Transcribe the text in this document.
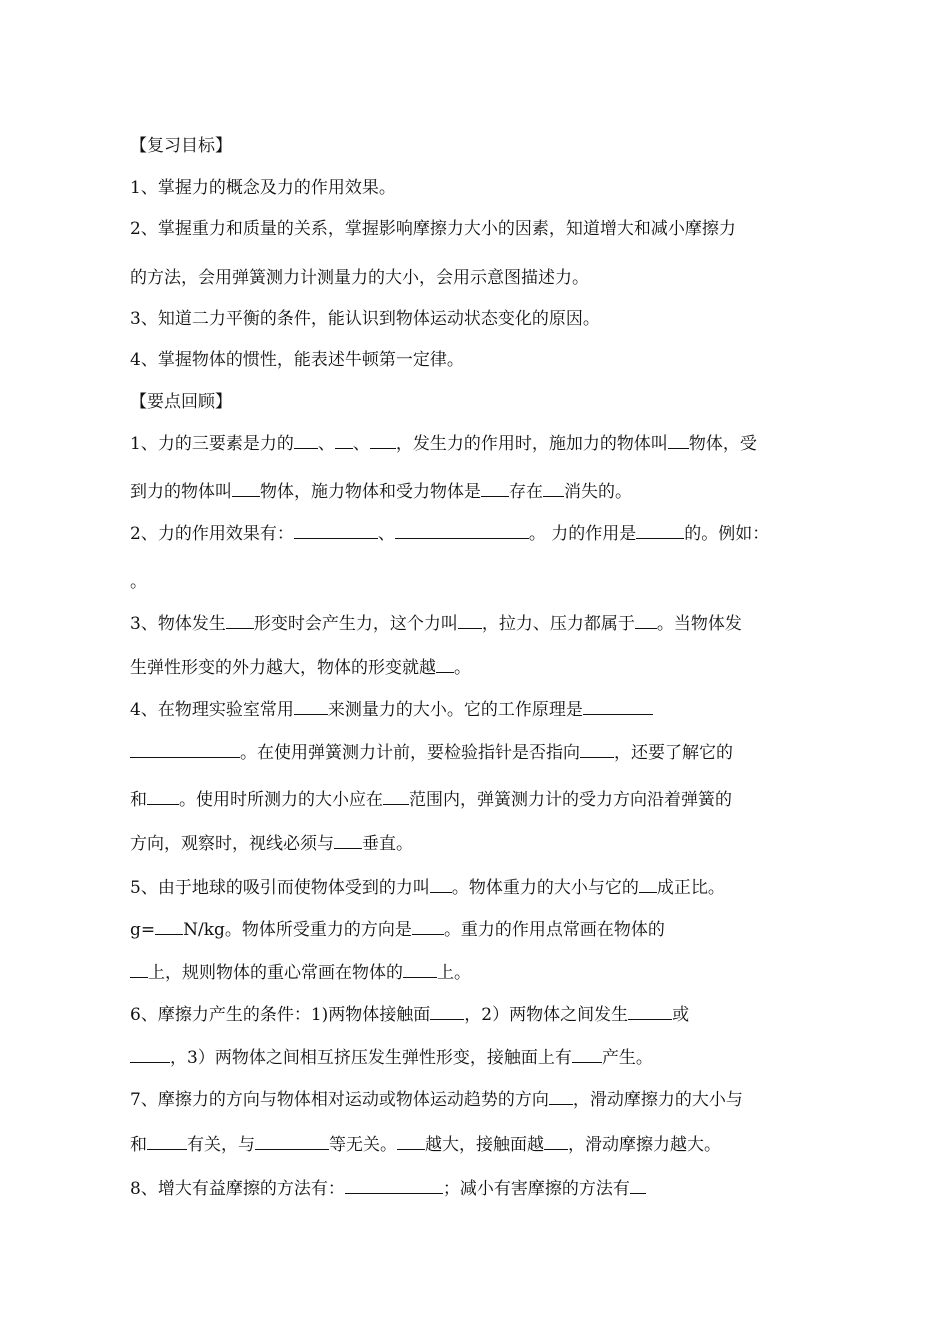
【复习目标】
1、掌握力的概念及力的作用效果。
2、掌握重力和质量的关系，掌握影响摩擦力大小的因素，知道增大和减小摩擦力
的方法，会用弹簧测力计测量力的大小，会用示意图描述力。
3、知道二力平衡的条件，能认识到物体运动状态变化的原因。
4、掌握物体的惯性，能表述牛顿第一定律。
【要点回顾】
1、力的三要素是力的 、 、 ，发生力的作用时，施加力的物体叫 物体，受
到力的物体叫 物体，施力物体和受力物体是 存在 消失的。
2、力的作用效果有：	、	。 力的作用是	的。例如：
。
3、物体发生 形变时会产生力，这个力叫 ，拉力、压力都属于 。当物体发
生弹性形变的外力越大，物体的形变就越 。
4、在物理实验室常用 来测量力的大小。它的工作原理是
。在使用弹簧测力计前，要检验指针是否指向 ，还要了解它的
和 。使用时所测力的大小应在 范围内，弹簧测力计的受力方向沿着弹簧的
方向，观察时，视线必须与 垂直。
5、由于地球的吸引而使物体受到的力叫 。物体重力的大小与它的 成正比。
g= N/kg。物体所受重力的方向是 。重力的作用点常画在物体的
上，规则物体的重心常画在物体的 上。
6、摩擦力产生的条件：1)两物体接触面 ，2）两物体之间发生	或
，3）两物体之间相互挤压发生弹性形变，接触面上有 产生。
7、摩擦力的方向与物体相对运动或物体运动趋势的方向 ，滑动摩擦力的大小与
和 有关，与	等无关。 越大，接触面越 ，滑动摩擦力越大。
8、增大有益摩擦的方法有：	；减小有害摩擦的方法有
